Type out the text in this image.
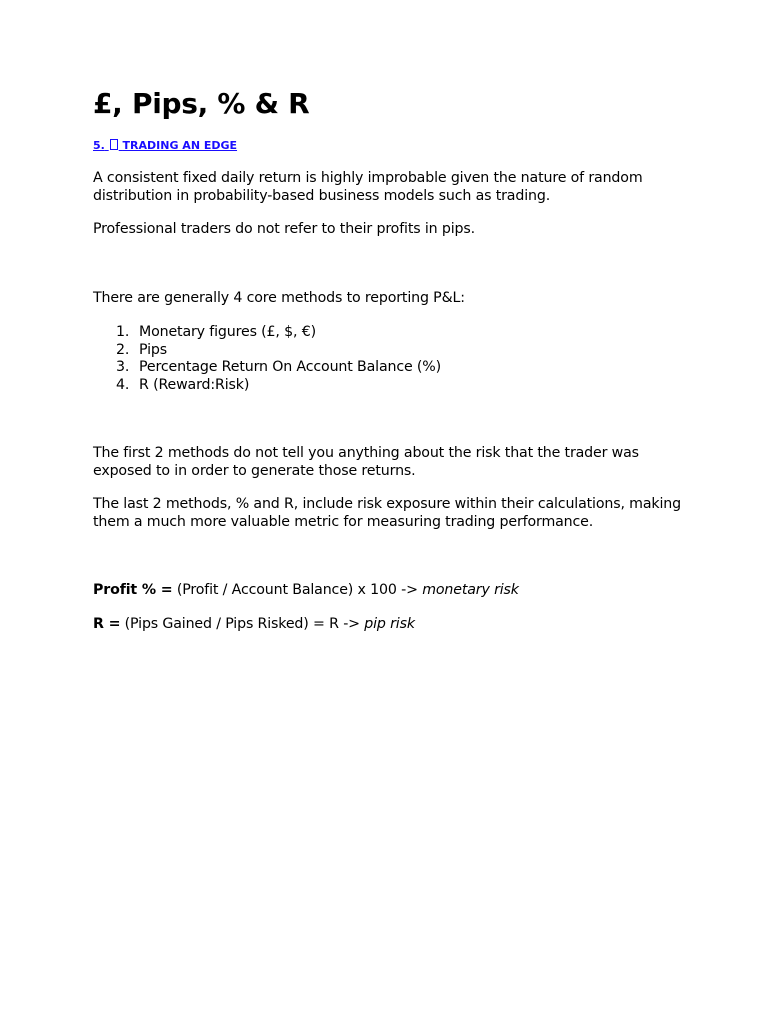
£, Pips, % & R
5. TRADING AN EDGE

A consistent fixed daily return is highly improbable given the nature of random distribution in probability-based business models such as trading.

Professional traders do not refer to their profits in pips.

There are generally 4 core methods to reporting P&L:

1. Monetary figures (£, $, €)
2. Pips
3. Percentage Return On Account Balance (%)
4. R (Reward:Risk)

The first 2 methods do not tell you anything about the risk that the trader was exposed to in order to generate those returns.

The last 2 methods, % and R, include risk exposure within their calculations, making them a much more valuable metric for measuring trading performance.

Profit % = (Profit / Account Balance) x 100 -> monetary risk

R = (Pips Gained / Pips Risked) = R -> pip risk
